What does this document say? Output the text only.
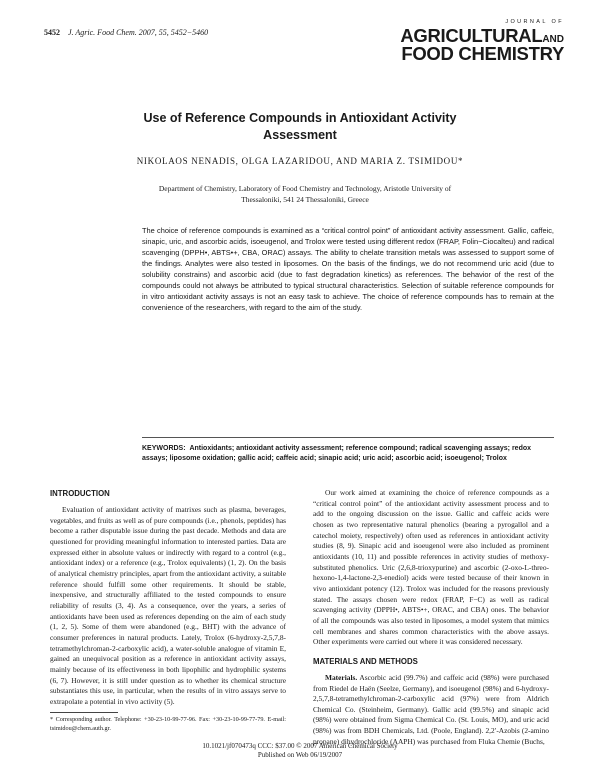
5452 J. Agric. Food Chem. 2007, 55, 5452−5460
JOURNAL OF
AGRICULTURALAND
FOOD CHEMISTRY
Use of Reference Compounds in Antioxidant Activity Assessment
NIKOLAOS NENADIS, OLGA LAZARIDOU, AND MARIA Z. TSIMIDOU*
Department of Chemistry, Laboratory of Food Chemistry and Technology, Aristotle University of Thessaloniki, 541 24 Thessaloniki, Greece

The choice of reference compounds is examined as a “critical control point” of antioxidant activity assessment. Gallic, caffeic, sinapic, uric, and ascorbic acids, isoeugenol, and Trolox were tested using different redox (FRAP, Folin−Ciocalteu) and radical scavenging (DPPH•, ABTS•+, CBA, ORAC) assays. The ability to chelate transition metals was assessed to support some of the findings. Analytes were also tested in liposomes. On the basis of the findings, we do not recommend uric acid (due to solubility constrains) and ascorbic acid (due to fast degradation kinetics) as references. The behavior of the rest of the compounds could not always be attributed to typical structural characteristics. Selection of suitable reference compounds for in vitro antioxidant activity assays is not an easy task to achieve. The choice of reference compounds has to remain at the convenience of the researchers, with regard to the aim of the study.

KEYWORDS: Antioxidants; antioxidant activity assessment; reference compound; radical scavenging assays; redox assays; liposome oxidation; gallic acid; caffeic acid; sinapic acid; uric acid; ascorbic acid; isoeugenol; Trolox

INTRODUCTION

Evaluation of antioxidant activity of matrixes such as plasma, beverages, vegetables, and fruits as well as of pure compounds (i.e., phenols, peptides) has become a rather disputable issue during the past decade. Methods and data are questioned for providing meaningful information to interested parties. Data are expressed either in absolute values or indirectly with regard to a control (e.g., antioxidant index) or a reference (e.g., Trolox equivalents) (1, 2). On the basis of analytical chemistry principles, apart from the antioxidant activity, a suitable reference should fulfill some other requirements. It should be stable, inexpensive, and structurally affiliated to the tested compounds to ensure reliability of results (3, 4). As a consequence, over the years, a series of antioxidants have been used as references depending on the aim of each study (1, 2, 5). Some of them were abandoned (e.g., BHT) with the advance of consumer preferences in natural products. Lately, Trolox (6-hydroxy-2,5,7,8-tetramethylchroman-2-carboxylic acid), a water-soluble analogue of vitamin E, gained an unequivocal position as a reference in antioxidant activity assays, mainly because of its effectiveness in both lipophilic and hydrophilic systems (6, 7). However, it is still under question as to whether its chemical structure substantiates this use, in particular, when the results of in vitro assays serve to extrapolate a potential in vivo activity (5).

Our work aimed at examining the choice of reference compounds as a “critical control point” of the antioxidant activity assessment process and to add to the ongoing discussion on the issue. Gallic and caffeic acids were chosen as two representative natural phenolics (bearing a pyrogallol and a catechol moiety, respectively) often used as references in antioxidant activity studies (8, 9). Sinapic acid and isoeugenol were also included as prominent antioxidants (10, 11) and possible references in activity studies of methoxy-substituted phenolics. Uric (2,6,8-trioxypurine) and ascorbic (2-oxo-L-threo-hexono-1,4-lactone-2,3-enediol) acids were tested because of their known in vivo antioxidant potency (12). Trolox was included for the reasons previously stated. The assays chosen were redox (FRAP, F−C) as well as radical scavenging activity (DPPH•, ABTS•+, ORAC, and CBA) ones. The behavior of all the compounds was also tested in liposomes, a model system that mimics cell membranes and shares common characteristics with the above assays. Other experiments were carried out where it was considered necessary.

MATERIALS AND METHODS

Materials. Ascorbic acid (99.7%) and caffeic acid (98%) were purchased from Riedel de Haën (Seelze, Germany), and isoeugenol (98%) and 6-hydroxy-2,5,7,8-tetramethylchroman-2-carboxylic acid (97%) were from Aldrich Chemical Co. (Steinheim, Germany). Gallic acid (99.5%) and sinapic acid (98%) were obtained from Sigma Chemical Co. (St. Louis, MO), and uric acid (98%) was from BDH Chemicals, Ltd. (Poole, England). 2,2′-Azobis (2-amino propane) dihydrochloride (AAPH) was purchased from Fluka Chemie (Buchs,

* Corresponding author. Telephone: +30-23-10-99-77-96. Fax: +30-23-10-99-77-79. E-mail: tsimidou@chem.auth.gr.

10.1021/jf070473q CCC: $37.00 © 2007 American Chemical Society
Published on Web 06/19/2007
